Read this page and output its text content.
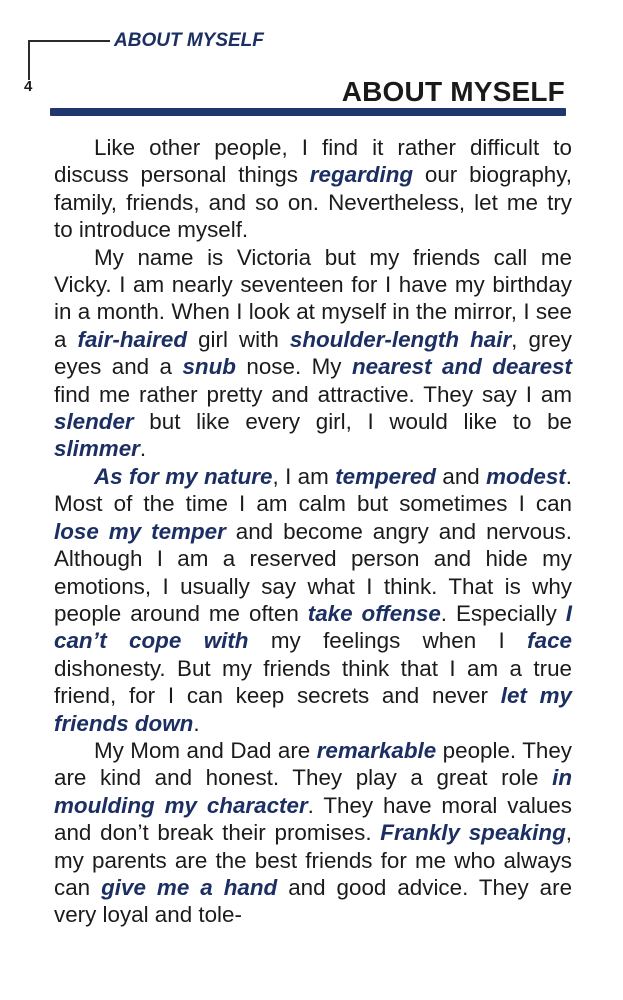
ABOUT MYSELF
4	ABOUT MYSELF

Like other people, I find it rather difficult to discuss personal things regarding our biography, family, friends, and so on. Nevertheless, let me try to introduce myself.

My name is Victoria but my friends call me Vicky. I am nearly seventeen for I have my birthday in a month. When I look at myself in the mirror, I see a fair-haired girl with shoulder-length hair, grey eyes and a snub nose. My nearest and dearest find me rather pretty and attractive. They say I am slender but like every girl, I would like to be slimmer.

As for my nature, I am tempered and modest. Most of the time I am calm but sometimes I can lose my temper and become angry and nervous. Although I am a reserved person and hide my emotions, I usually say what I think. That is why people around me often take offense. Especially I can’t cope with my feelings when I face dishonesty. But my friends think that I am a true friend, for I can keep secrets and never let my friends down.

My Mom and Dad are remarkable people. They are kind and honest. They play a great role in moulding my character. They have moral values and don’t break their promises. Frankly speaking, my parents are the best friends for me who always can give me a hand and good advice. They are very loyal and tole-
